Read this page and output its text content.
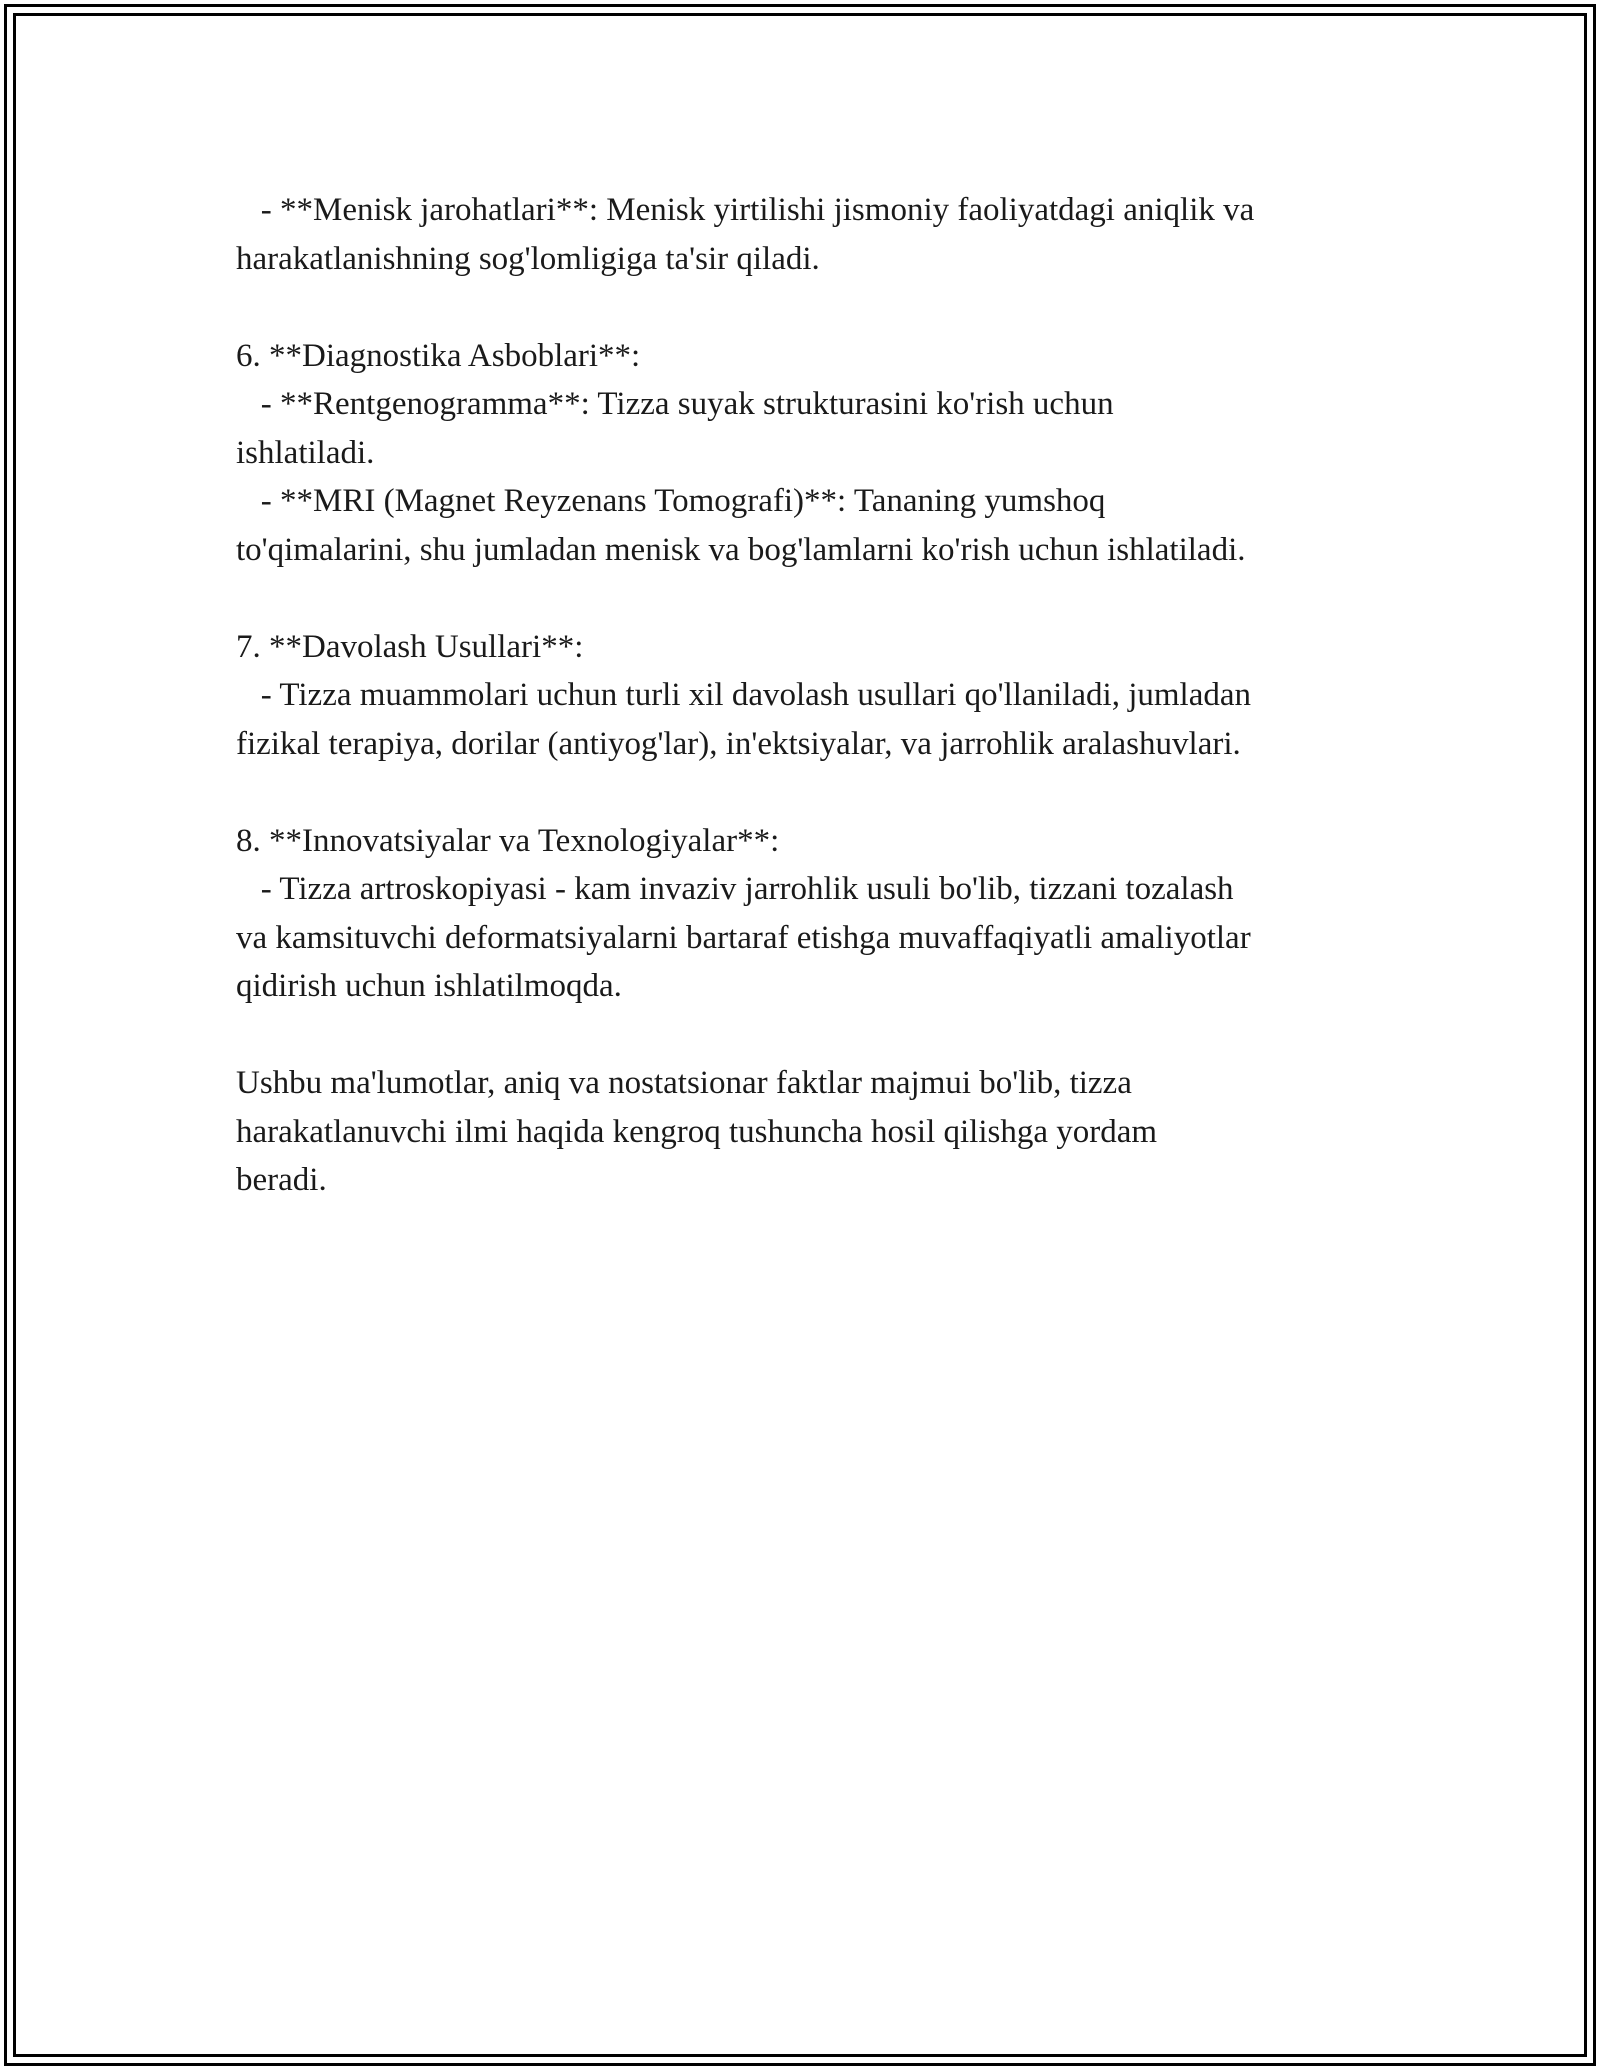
- **Menisk jarohatlari**: Menisk yirtilishi jismoniy faoliyatdagi aniqlik va

harakatlanishning sog'lomligiga ta'sir qiladi.

6. **Diagnostika Asboblari**:

- **Rentgenogramma**: Tizza suyak strukturasini ko'rish uchun

ishlatiladi.

- **MRI (Magnet Reyzenans Tomografi)**: Tananing yumshoq

to'qimalarini, shu jumladan menisk va bog'lamlarni ko'rish uchun ishlatiladi.

7. **Davolash Usullari**:

- Tizza muammolari uchun turli xil davolash usullari qo'llaniladi, jumladan

fizikal terapiya, dorilar (antiyog'lar), in'ektsiyalar, va jarrohlik aralashuvlari.

8. **Innovatsiyalar va Texnologiyalar**:

- Tizza artroskopiyasi - kam invaziv jarrohlik usuli bo'lib, tizzani tozalash

va kamsituvchi deformatsiyalarni bartaraf etishga muvaffaqiyatli amaliyotlar

qidirish uchun ishlatilmoqda.

Ushbu ma'lumotlar, aniq va nostatsionar faktlar majmui bo'lib, tizza

harakatlanuvchi ilmi haqida kengroq tushuncha hosil qilishga yordam

beradi.
